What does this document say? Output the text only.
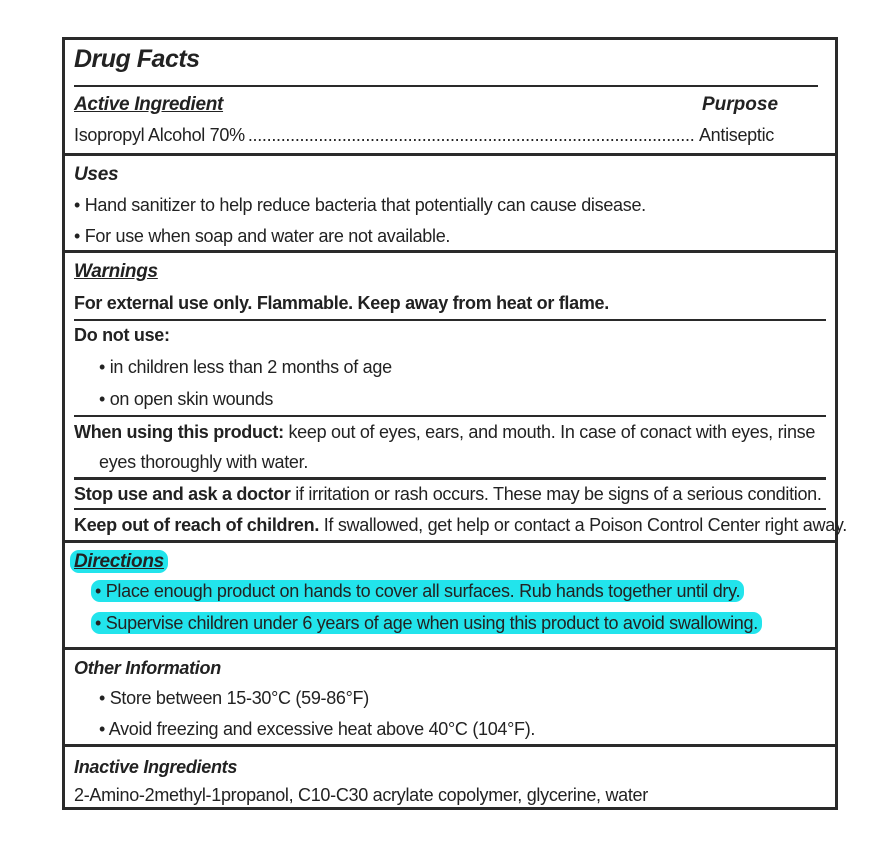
Drug Facts
Active Ingredient	Purpose
Isopropyl Alcohol 70%
.....	Antiseptic
Uses
• Hand sanitizer to help reduce bacteria that potentially can cause disease.
• For use when soap and water are not available.
Warnings
For external use only. Flammable. Keep away from heat or flame.
Do not use:
• in children less than 2 months of age
• on open skin wounds
When using this product: keep out of eyes, ears, and mouth. In case of conact with eyes, rinse
eyes thoroughly with water.
Stop use and ask a doctor if irritation or rash occurs. These may be signs of a serious condition.
Keep out of reach of children. If swallowed, get help or contact a Poison Control Center right away.
Directions
• Place enough product on hands to cover all surfaces. Rub hands together until dry.
• Supervise children under 6 years of age when using this product to avoid swallowing.
Other Information
• Store between 15-30°C (59-86°F)
• Avoid freezing and excessive heat above 40°C (104°F).
Inactive Ingredients
2-Amino-2methyl-1propanol, C10-C30 acrylate copolymer, glycerine, water
